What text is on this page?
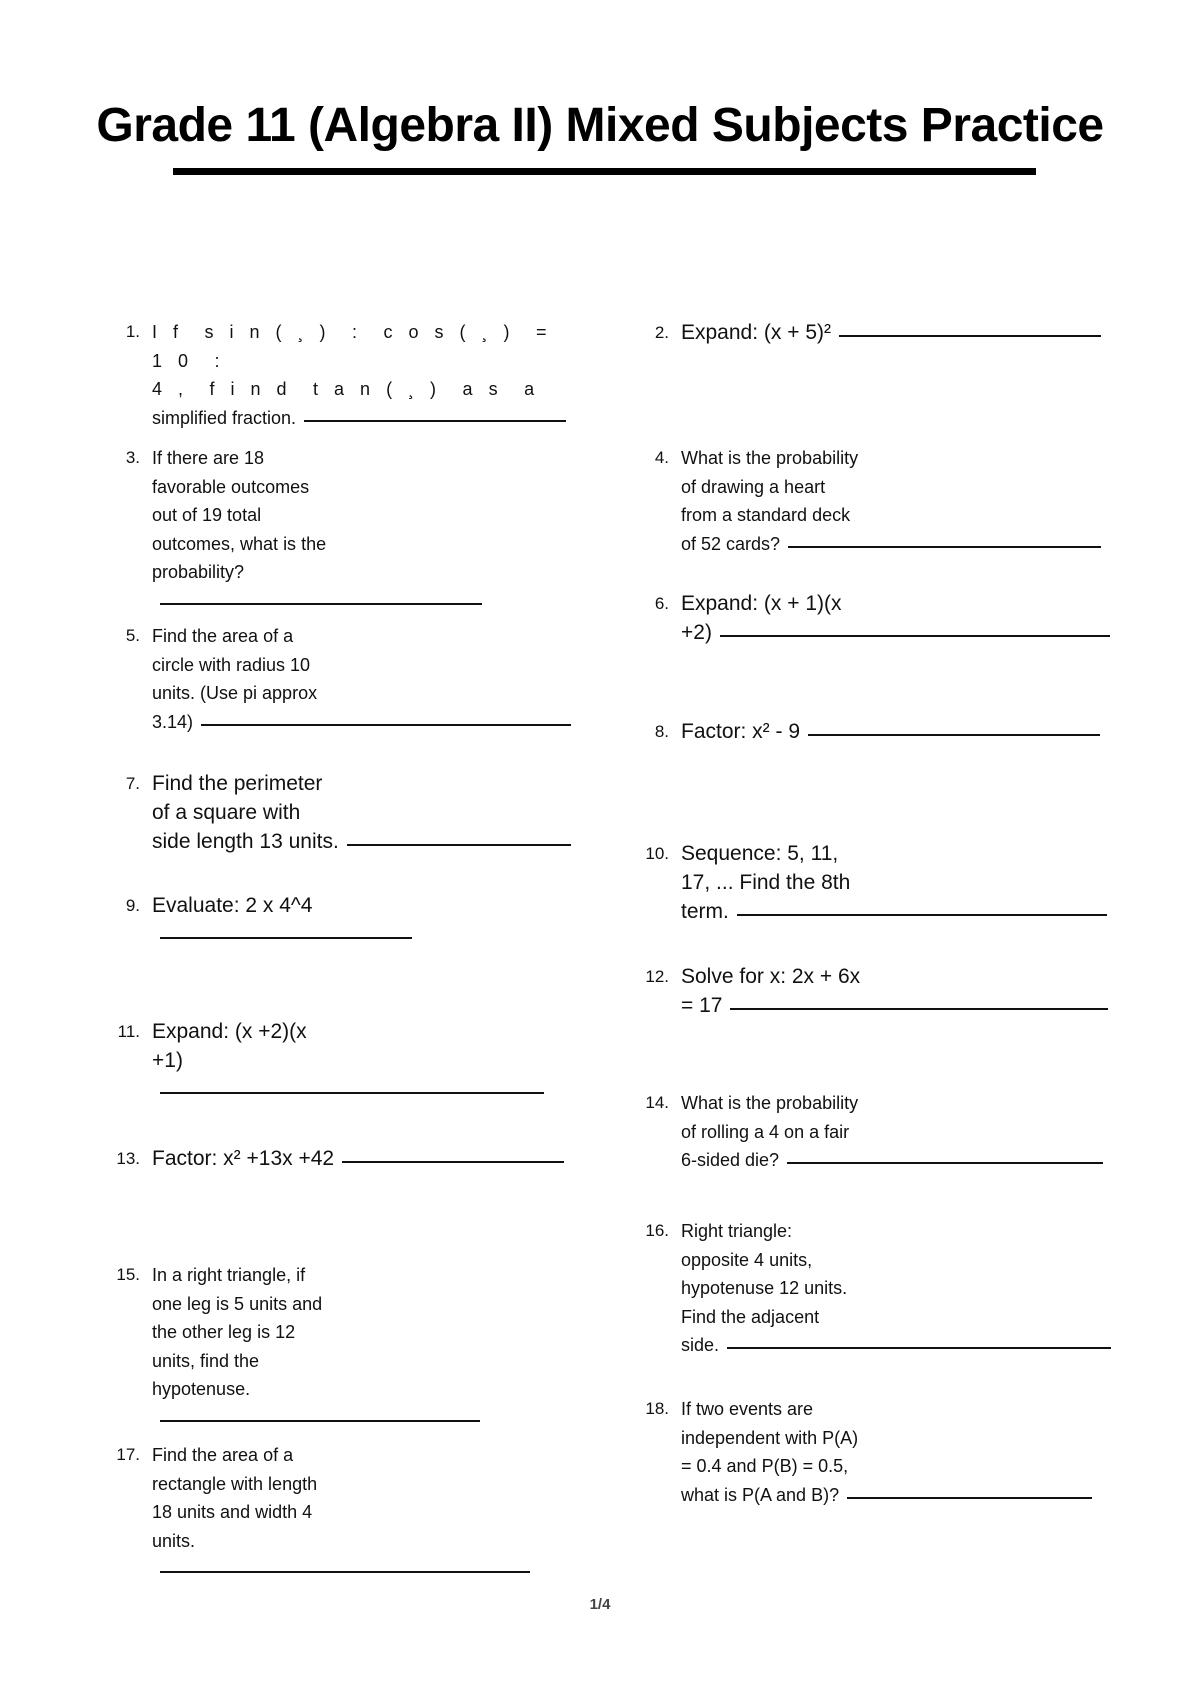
Grade 11 (Algebra II) Mixed Subjects Practice
1. I f  s i n ( ¸ )  :  c o s ( ¸ )  =  1 0  :
4 ,  f i n d  t a n ( ¸ )  a s  a
simplified fraction.
2. Expand: (x + 5)²
3. If there are 18
favorable outcomes
out of 19 total
outcomes, what is the
probability?
4. What is the probability
of drawing a heart
from a standard deck
of 52 cards?
5. Find the area of a
circle with radius 10
units. (Use pi approx
3.14)
6. Expand: (x + 1)(x
+2)
7. Find the perimeter
of a square with
side length 13 units.
8. Factor: x² - 9
9. Evaluate: 2 x 4^4
10. Sequence: 5, 11,
17, ... Find the 8th
term.
11. Expand: (x +2)(x
+1)
12. Solve for x: 2x + 6x
= 17
13. Factor: x² +13x +42
14. What is the probability
of rolling a 4 on a fair
6-sided die?
15. In a right triangle, if
one leg is 5 units and
the other leg is 12
units, find the
hypotenuse.
16. Right triangle:
opposite 4 units,
hypotenuse 12 units.
Find the adjacent
side.
17. Find the area of a
rectangle with length
18 units and width 4
units.
18. If two events are
independent with P(A)
= 0.4 and P(B) = 0.5,
what is P(A and B)?
1/4
